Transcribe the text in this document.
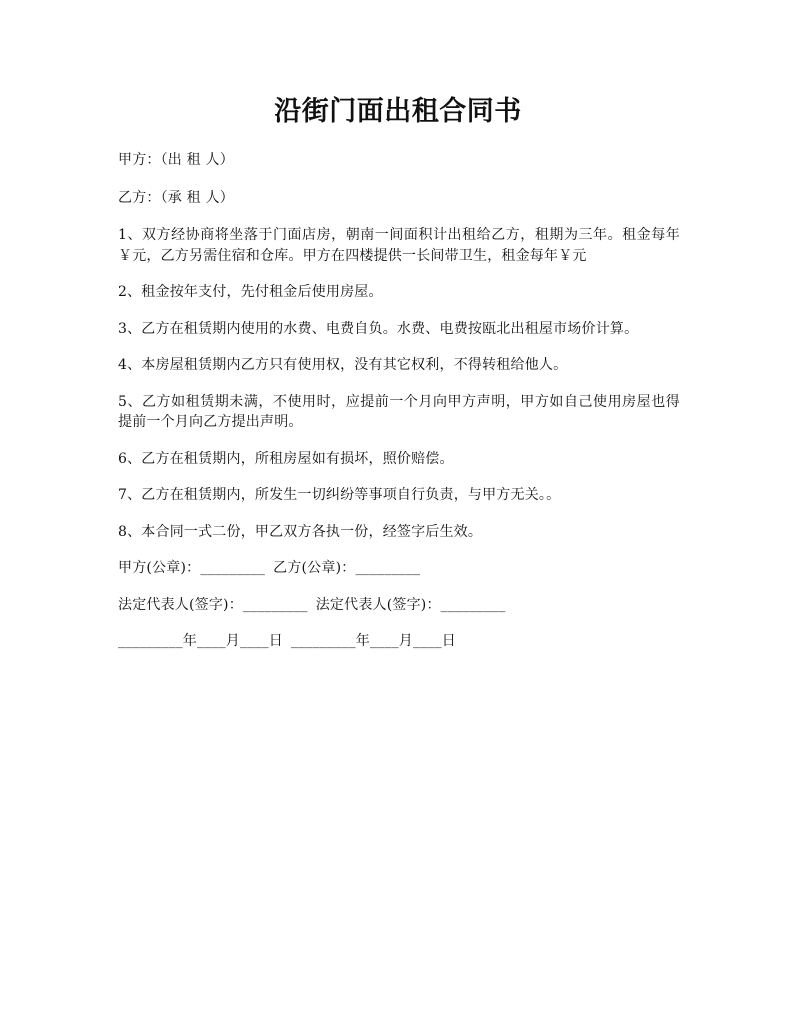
沿街门面出租合同书

甲方：（出 租 人）

乙方：（承 租 人）

1、双方经协商将坐落于门面店房，朝南一间面积计出租给乙方，租期为三年。租金每年￥元，乙方另需住宿和仓库。甲方在四楼提供一长间带卫生，租金每年￥元

2、租金按年支付，先付租金后使用房屋。

3、乙方在租赁期内使用的水费、电费自负。水费、电费按瓯北出租屋市场价计算。

4、本房屋租赁期内乙方只有使用权，没有其它权利，不得转租给他人。

5、乙方如租赁期未满，不使用时，应提前一个月向甲方声明，甲方如自己使用房屋也得提前一个月向乙方提出声明。

6、乙方在租赁期内，所租房屋如有损坏，照价赔偿。

7、乙方在租赁期内，所发生一切纠纷等事项自行负责，与甲方无关。。

8、本合同一式二份，甲乙双方各执一份，经签字后生效。

甲方(公章)：_________ 乙方(公章)：_________
法定代表人(签字)：_________ 法定代表人(签字)：_________
_________年____月____日 _________年____月____日
